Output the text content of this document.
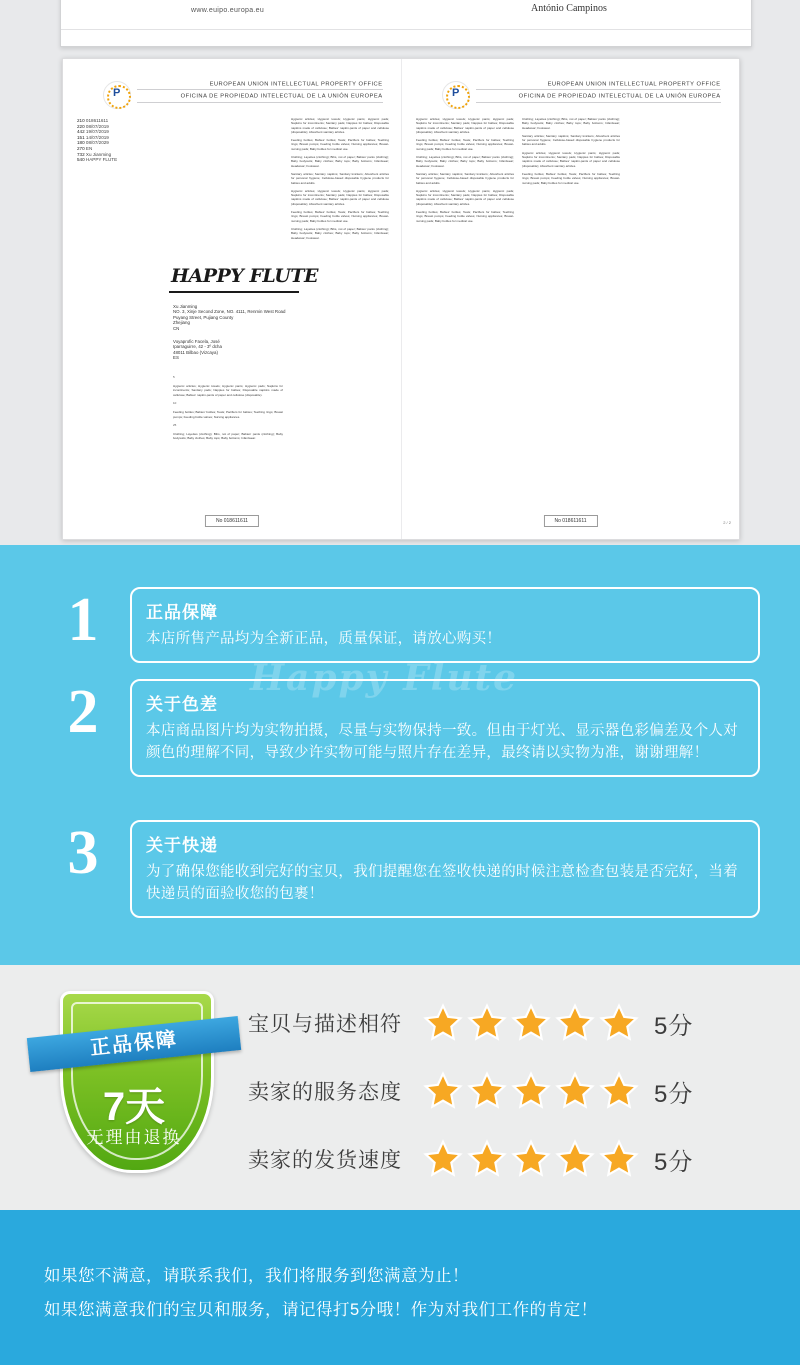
www.euipo.europa.eu	António Campinos
P
EUROPEAN UNION INTELLECTUAL PROPERTY OFFICE
OFICINA DE PROPIEDAD INTELECTUAL DE LA UNIÓN EUROPEA
210 018611611
220 08/07/2019
442 19/07/2019
151 14/07/2019
180 08/07/2029
270 EN
732 Xu Jianming
540 HAPPY FLUTE
HAPPY FLUTE
Xu Jianming
NO. 3, Xinje Second Zone, NO. 4111, Renmin West Road
Puyang Street, Pujiang County
Zhejiang
CN
Voyaprofic Facela, José
Iparraguirre, 42 - 3º dcha
48011 Bilbao (Vizcaya)
ES
5

Hygienic articles; Hygienic towels; Hygienic pants; Hygienic pads; Napkins for incontinents; Sanitary pads; Nappies for babies; Disposable napkins made of cellulose; Babies' napkin-pants of paper and cellulose (disposable).

10

Feeding bottles; Babies' bottles; Teats; Pacifiers for babies; Teething rings; Breast pumps; Feeding bottle valves; Nursing appliances.

25

Clothing; Layettes (clothing); Bibs, not of paper; Babies' pants (clothing); Baby bodysuits; Baby clothes; Baby tops; Baby bottoms; Infantwear.

Hygienic articles; Hygienic towels; Hygienic pants; Hygienic pads; Napkins for incontinents; Sanitary pads; Nappies for babies; Disposable napkins made of cellulose; Babies' napkin-pants of paper and cellulose (disposable); Absorbent sanitary articles.

Feeding bottles; Babies' bottles; Teats; Pacifiers for babies; Teething rings; Breast pumps; Feeding bottle valves; Nursing appliances; Breast-nursing pads; Baby bottles for medical use.

Clothing; Layettes (clothing); Bibs, not of paper; Babies' pants (clothing); Baby bodysuits; Baby clothes; Baby tops; Baby bottoms; Infantwear; Headwear; Footwear.

Sanitary articles; Sanitary napkins; Sanitary knickers; Absorbent articles for personal hygiene; Cellulose-based disposable hygiene products for babies and adults.

Hygienic articles; Hygienic towels; Hygienic pants; Hygienic pads; Napkins for incontinents; Sanitary pads; Nappies for babies; Disposable napkins made of cellulose; Babies' napkin-pants of paper and cellulose (disposable); Absorbent sanitary articles.

Feeding bottles; Babies' bottles; Teats; Pacifiers for babies; Teething rings; Breast pumps; Feeding bottle valves; Nursing appliances; Breast-nursing pads; Baby bottles for medical use.

Clothing; Layettes (clothing); Bibs, not of paper; Babies' pants (clothing); Baby bodysuits; Baby clothes; Baby tops; Baby bottoms; Infantwear; Headwear; Footwear.

No 018611611
P
EUROPEAN UNION INTELLECTUAL PROPERTY OFFICE
OFICINA DE PROPIEDAD INTELECTUAL DE LA UNIÓN EUROPEA

Hygienic articles; Hygienic towels; Hygienic pants; Hygienic pads; Napkins for incontinents; Sanitary pads; Nappies for babies; Disposable napkins made of cellulose; Babies' napkin-pants of paper and cellulose (disposable); Absorbent sanitary articles.

Feeding bottles; Babies' bottles; Teats; Pacifiers for babies; Teething rings; Breast pumps; Feeding bottle valves; Nursing appliances; Breast-nursing pads; Baby bottles for medical use.

Clothing; Layettes (clothing); Bibs, not of paper; Babies' pants (clothing); Baby bodysuits; Baby clothes; Baby tops; Baby bottoms; Infantwear; Headwear; Footwear.

Sanitary articles; Sanitary napkins; Sanitary knickers; Absorbent articles for personal hygiene; Cellulose-based disposable hygiene products for babies and adults.

Hygienic articles; Hygienic towels; Hygienic pants; Hygienic pads; Napkins for incontinents; Sanitary pads; Nappies for babies; Disposable napkins made of cellulose; Babies' napkin-pants of paper and cellulose (disposable); Absorbent sanitary articles.

Feeding bottles; Babies' bottles; Teats; Pacifiers for babies; Teething rings; Breast pumps; Feeding bottle valves; Nursing appliances; Breast-nursing pads; Baby bottles for medical use.

Clothing; Layettes (clothing); Bibs, not of paper; Babies' pants (clothing); Baby bodysuits; Baby clothes; Baby tops; Baby bottoms; Infantwear; Headwear; Footwear.

Sanitary articles; Sanitary napkins; Sanitary knickers; Absorbent articles for personal hygiene; Cellulose-based disposable hygiene products for babies and adults.

Hygienic articles; Hygienic towels; Hygienic pants; Hygienic pads; Napkins for incontinents; Sanitary pads; Nappies for babies; Disposable napkins made of cellulose; Babies' napkin-pants of paper and cellulose (disposable); Absorbent sanitary articles.

Feeding bottles; Babies' bottles; Teats; Pacifiers for babies; Teething rings; Breast pumps; Feeding bottle valves; Nursing appliances; Breast-nursing pads; Baby bottles for medical use.

No 018611611	2 / 2
Happy Flute
1	正品保障
本店所售产品均为全新正品，质量保证，请放心购买！
2	关于色差
本店商品图片均为实物拍摄，尽量与实物保持一致。但由于灯光、显示器色彩偏差及个人对颜色的理解不同，导致少许实物可能与照片存在差异，最终请以实物为准，谢谢理解！
3	关于快递
为了确保您能收到完好的宝贝，我们提醒您在签收快递的时候注意检查包装是否完好，当着快递员的面验收您的包裹！
7天
无理由退换
正品保障
宝贝与描述相符	5分
卖家的服务态度	5分
卖家的发货速度	5分
如果您不满意，请联系我们，我们将服务到您满意为止！
如果您满意我们的宝贝和服务，请记得打5分哦！作为对我们工作的肯定！
